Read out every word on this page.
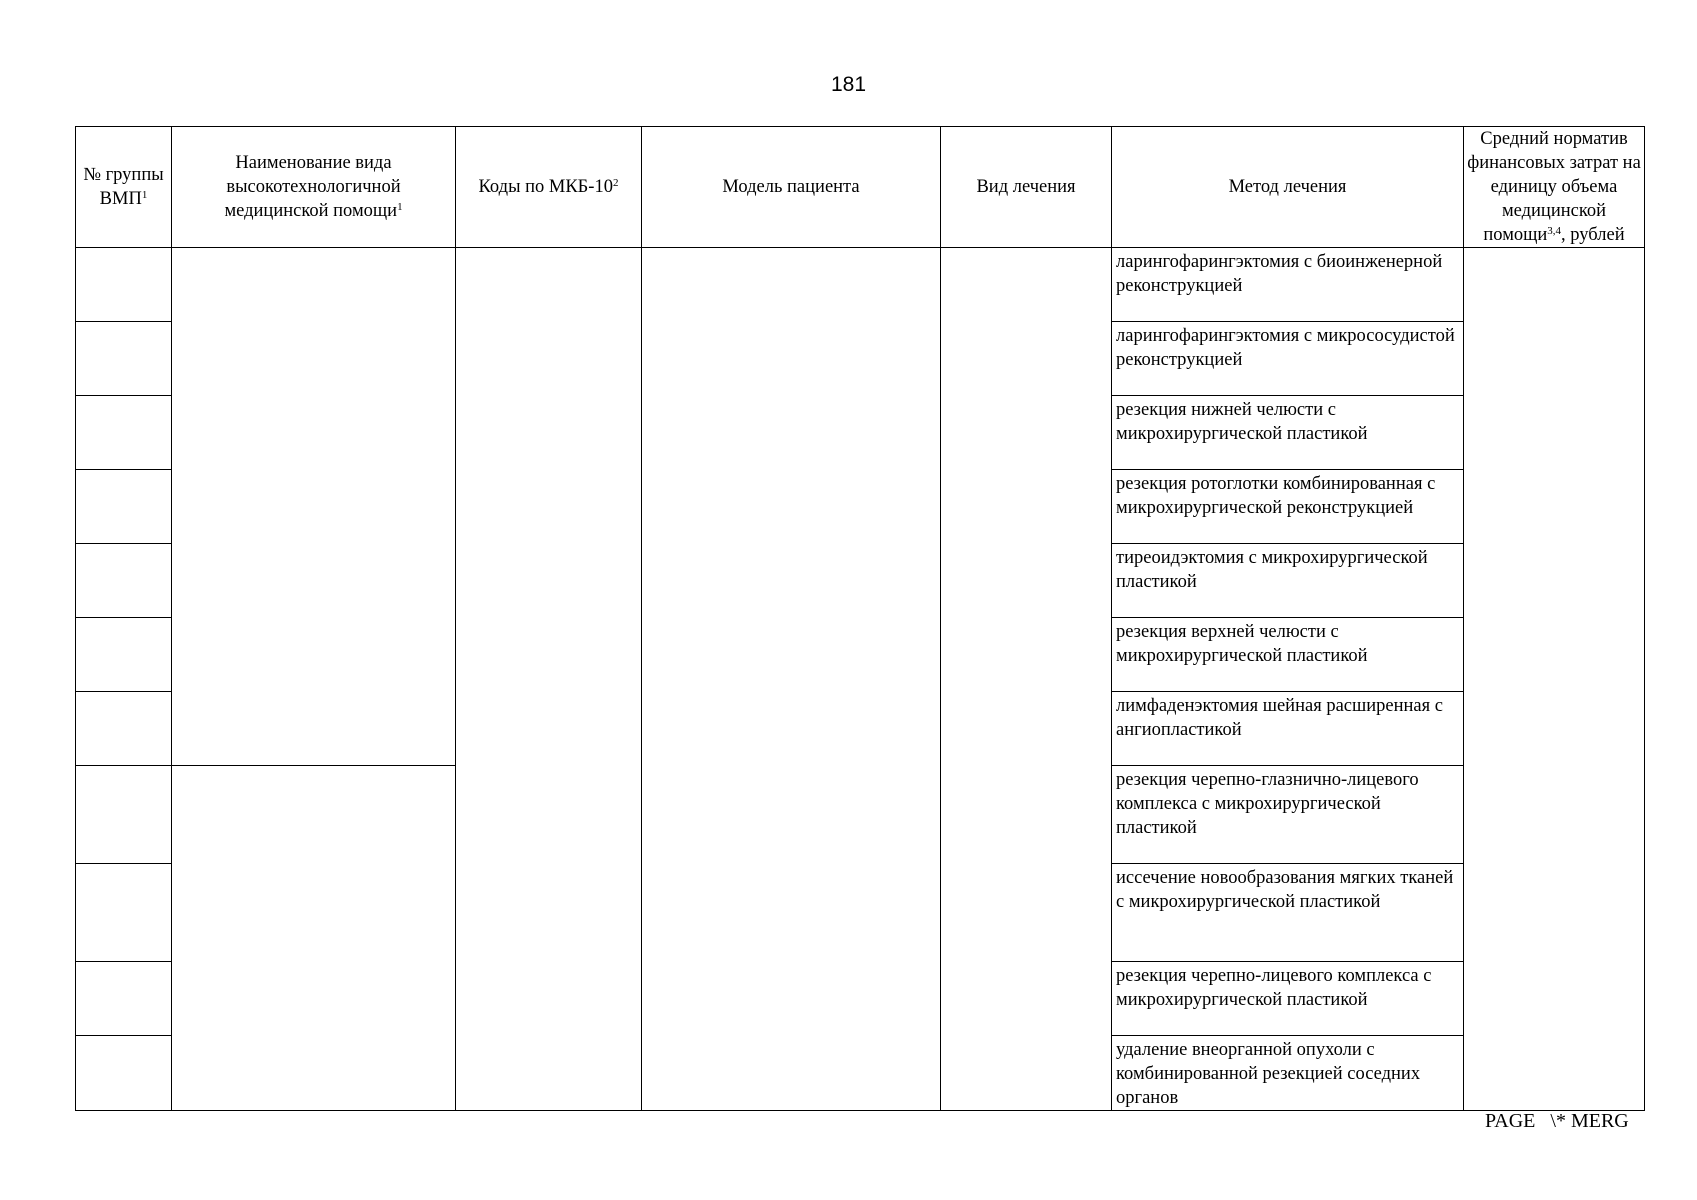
181
№ группы ВМП$^1$	Наименование вида высокотехнологичной медицинской помощи$^1$	Коды по МКБ-$10^2$	Модель пациента	Вид лечения	Метод лечения	Средний норматив финансовых затрат на единицу объема медицинской помощи$^{3,4}$, рублей
					ларингофарингэктомия с биоинженерной реконструкцией	
					ларингофарингэктомия с микрососудистой реконструкцией	
					резекция нижней челюсти с микрохирургической пластикой	
					резекция ротоглотки комбинированная с микрохирургической реконструкцией	
					тиреоидэктомия с микрохирургической пластикой	
					резекция верхней челюсти с микрохирургической пластикой	
					лимфаденэктомия шейная расширенная с ангиопластикой	
					резекция черепно-глазнично-лицевого комплекса с микрохирургической пластикой	
					иссечение новообразования мягких тканей с микрохирургической пластикой	
					резекция черепно-лицевого комплекса с микрохирургической пластикой	
					удаление внеорганной опухоли с комбинированной резекцией соседних органов	
PAGE   \* MERG
